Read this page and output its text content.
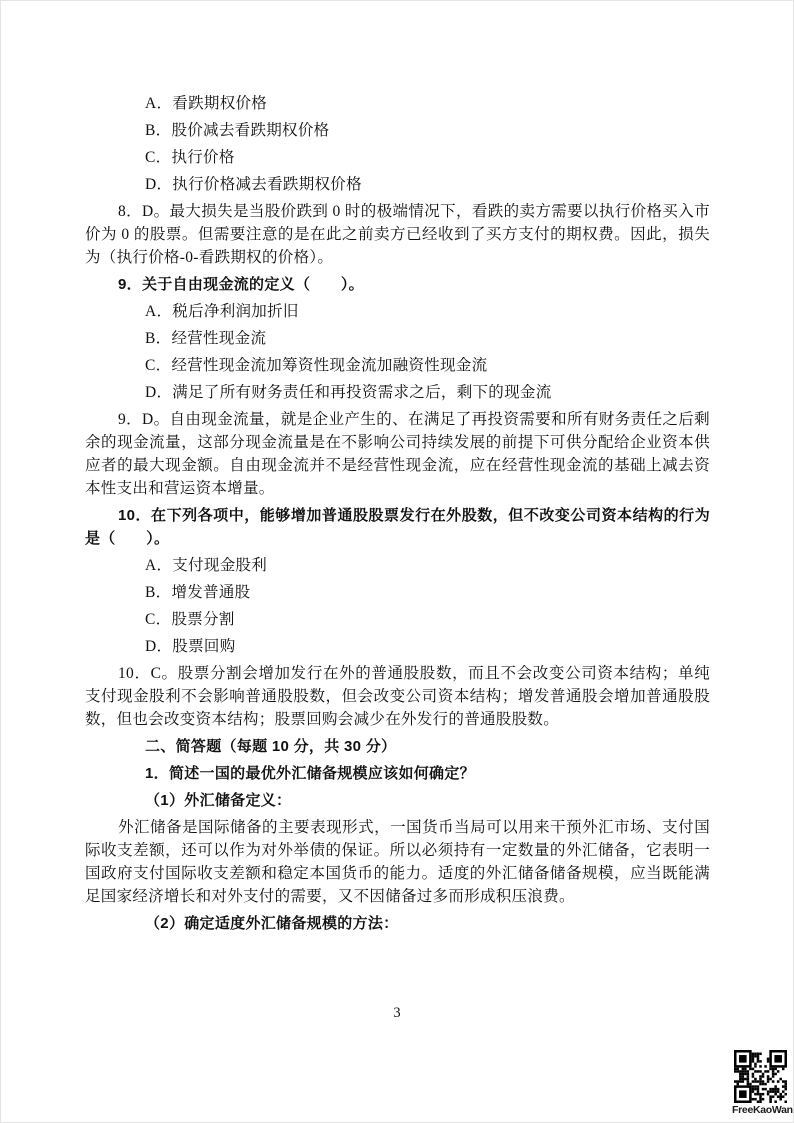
A．看跌期权价格

B．股价减去看跌期权价格

C．执行价格

D．执行价格减去看跌期权价格

8．D。最大损失是当股价跌到 0 时的极端情况下，看跌的卖方需要以执行价格买入市价为 0 的股票。但需要注意的是在此之前卖方已经收到了买方支付的期权费。因此，损失为（执行价格-0-看跌期权的价格）。

9．关于自由现金流的定义（　　）。

A．税后净利润加折旧

B．经营性现金流

C．经营性现金流加筹资性现金流加融资性现金流

D．满足了所有财务责任和再投资需求之后，剩下的现金流

9．D。自由现金流量，就是企业产生的、在满足了再投资需要和所有财务责任之后剩余的现金流量，这部分现金流量是在不影响公司持续发展的前提下可供分配给企业资本供应者的最大现金额。自由现金流并不是经营性现金流，应在经营性现金流的基础上减去资本性支出和营运资本增量。

10．在下列各项中，能够增加普通股股票发行在外股数，但不改变公司资本结构的行为是（　　）。

A．支付现金股利

B．增发普通股

C．股票分割

D．股票回购

10．C。股票分割会增加发行在外的普通股股数，而且不会改变公司资本结构；单纯支付现金股利不会影响普通股股数，但会改变公司资本结构；增发普通股会增加普通股股数，但也会改变资本结构；股票回购会减少在外发行的普通股股数。

二、简答题（每题 10 分，共 30 分）

1．简述一国的最优外汇储备规模应该如何确定？

（1）外汇储备定义：

外汇储备是国际储备的主要表现形式，一国货币当局可以用来干预外汇市场、支付国际收支差额，还可以作为对外举债的保证。所以必须持有一定数量的外汇储备，它表明一国政府支付国际收支差额和稳定本国货币的能力。适度的外汇储备储备规模，应当既能满足国家经济增长和对外支付的需要，又不因储备过多而形成积压浪费。

（2）确定适度外汇储备规模的方法：

3
FreeKaoWan
